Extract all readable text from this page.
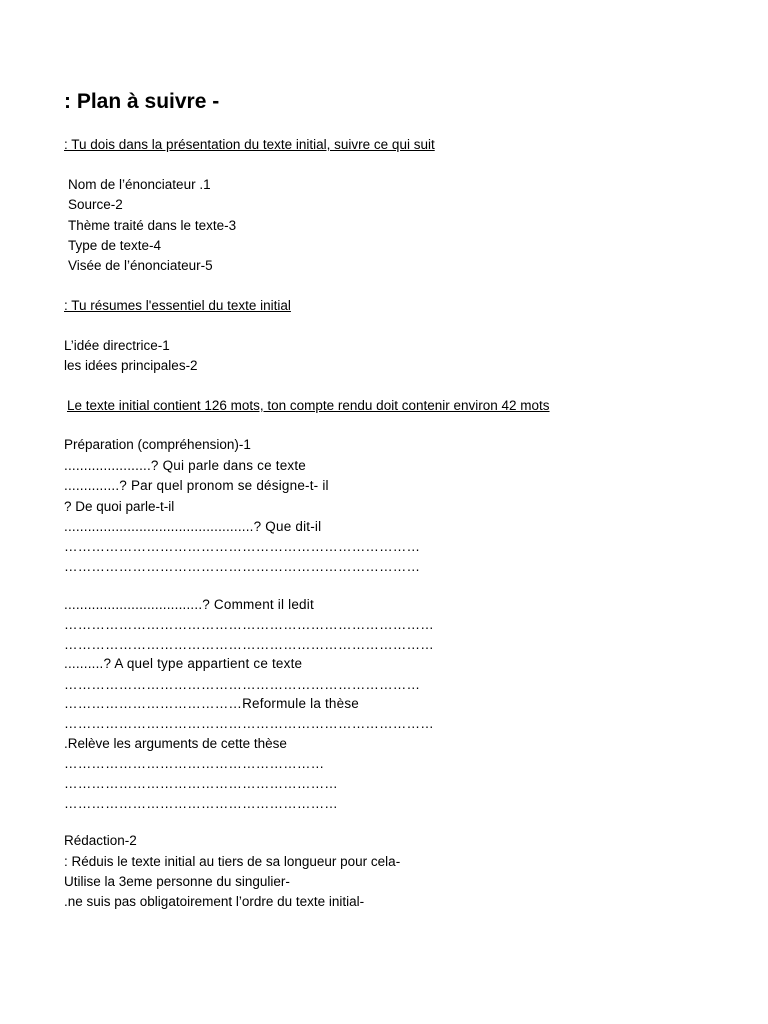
: Plan à suivre -
: Tu dois dans la présentation du texte initial, suivre ce qui suit
Nom de l’énonciateur .1
Source-2
Thème traité dans le texte-3
Type de texte-4
Visée de l’énonciateur-5
: Tu résumes l'essentiel du texte initial
L’idée directrice-1
les idées principales-2
Le texte initial contient 126 mots, ton compte rendu doit contenir environ 42 mots
Préparation (compréhension)-1
......................? Qui parle dans ce texte
..............? Par quel pronom se désigne-t- il
? De quoi parle-t-il
................................................? Que dit-il
……………………………………………………………………
……………………………………………………………………
...................................? Comment il ledit
………………………………………………………………………
………………………………………………………………………
..........? A quel type appartient ce texte
……………………………………………………………………
…………………………………Reformule la thèse
………………………………………………………………………
.Relève les arguments de cette thèse
…………………………………………………
……………………………………………………
……………………………………………………
Rédaction-2
: Réduis le texte initial au tiers de sa longueur pour cela-
Utilise la 3eme personne du singulier-
.ne suis pas obligatoirement l’ordre du texte initial-
